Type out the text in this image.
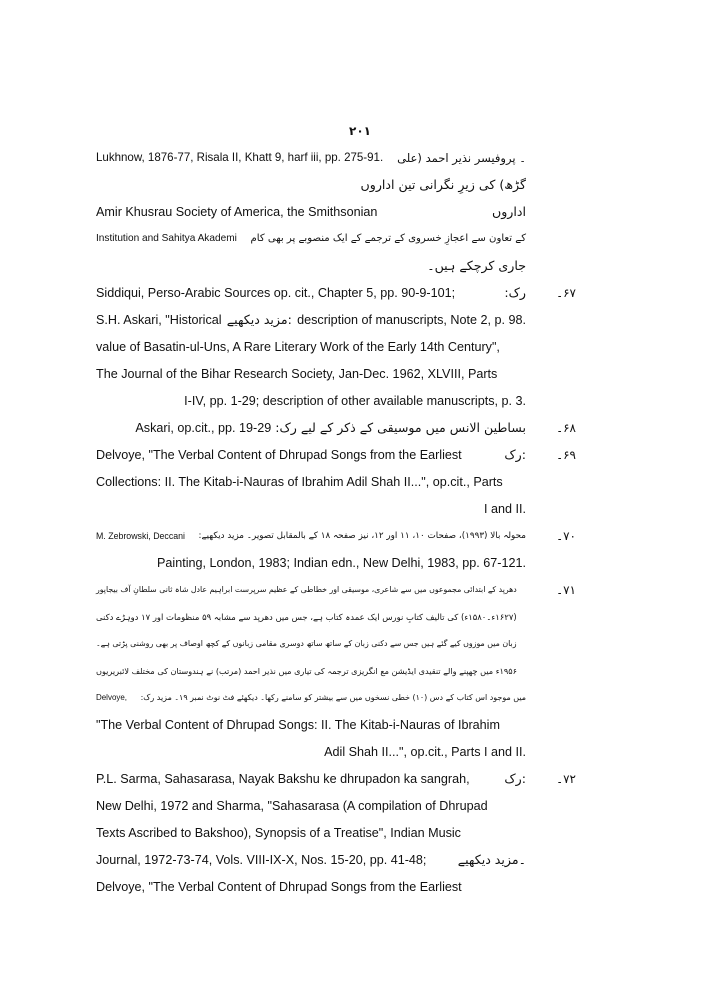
۲۰۱
Lukhnow, 1876-77, Risala II, Khatt 9, harf iii, pp. 275-91. ۔ پروفیسر نذیر احمد (علی
گڑھ) کی زیرِ نگرانی تین اداروں
Amir Khusrau Society of America, the Smithsonian	اداروں
Institution and Sahitya Akademi کے تعاون سے اعجازِ خسروی کے ترجمے کے ایک منصوبے پر بھی کام
جاری کرچکے ہیں۔
Siddiqui, Perso-Arabic Sources op. cit., Chapter 5, pp. 90-9-101;	رک:
S.H. Askari, "Historical :مزید دیکھیے description of manuscripts, Note 2, p. 98.
value of Basatin-ul-Uns, A Rare Literary Work of the Early 14th Century",
The Journal of the Bihar Research Society, Jan-Dec. 1962, XLVIII, Parts
I-IV, pp. 1-29; description of other available manuscripts, p. 3.
Askari, op.cit., pp. 19-29 بساطین الانس میں موسیقی کے ذکر کے لیے رک:
Delvoye, "The Verbal Content of Dhrupad Songs from the Earliest	:رک
Collections: II. The Kitab-i-Nauras of Ibrahim Adil Shah II...", op.cit., Parts
I and II.
M. Zebrowski, Deccani محولہ بالا (۱۹۹۳)، صفحات ۱۰، ۱۱ اور ۱۲، نیز صفحہ ۱۸ کے بالمقابل تصویر۔ مزید دیکھیے:
Painting, London, 1983; Indian edn., New Delhi, 1983, pp. 67-121.
دھرپد کے ابتدائی مجموعوں میں سے شاعری، موسیقی اور خطاطی کے عظیم سرپرست ابراہیم عادل شاہ ثانی سلطانِ آف بیجاپور
(۱۶۲۷ء۔۱۵۸۰ء) کی تالیف کتابِ نورس ایک عمدہ کتاب ہے، جس میں دھرپد سے مشابہ ۵۹ منظومات اور ۱۷ دوہڑے دکنی
زبان میں موزوں کیے گئے ہیں جس سے دکنی زبان کے ساتھ ساتھ دوسری مقامی زبانوں کے کچھ اوصاف پر بھی روشنی پڑتی ہے۔
۱۹۵۶ء میں چھپنے والے تنقیدی ایڈیشن مع انگریزی ترجمہ کی تیاری میں نذیر احمد (مرتب) نے ہندوستان کی مختلف لائبریریوں
Delvoye, میں موجود اس کتاب کے دس (۱۰) خطی نسخوں میں سے بیشتر کو سامنے رکھا۔ دیکھئے فٹ نوٹ نمبر ۱۹۔ مزید رک:
"The Verbal Content of Dhrupad Songs: II. The Kitab-i-Nauras of Ibrahim
Adil Shah II...", op.cit., Parts I and II.
P.L. Sarma, Sahasarasa, Nayak Bakshu ke dhrupadon ka sangrah,	:رک
New Delhi, 1972 and Sharma, "Sahasarasa (A compilation of Dhrupad
Texts Ascribed to Bakshoo), Synopsis of a Treatise", Indian Music
Journal, 1972-73-74, Vols. VIII-IX-X, Nos. 15-20, pp. 41-48; ۔مزید دیکھیے
Delvoye, "The Verbal Content of Dhrupad Songs from the Earliest
۶۷۔
۶۸۔
۶۹۔
۷۰۔
۷۱۔
۷۲۔
